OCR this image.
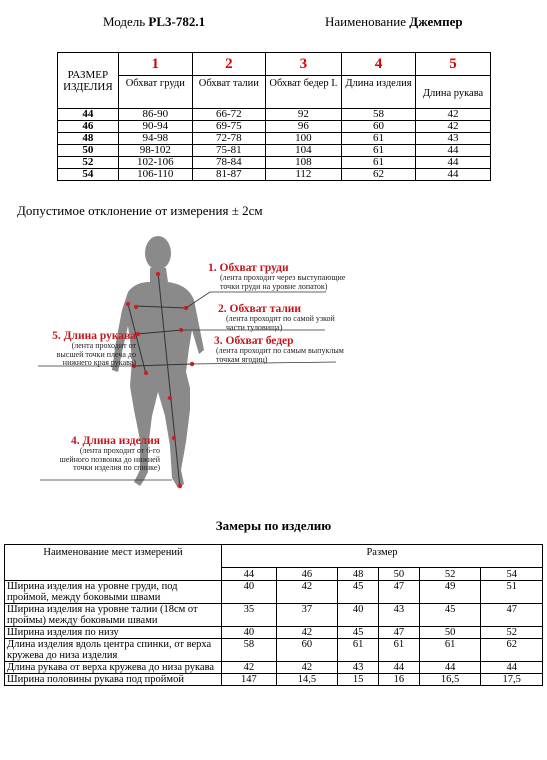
Модель PL3-782.1	Наименование Джемпер
РАЗМЕР ИЗДЕЛИЯ	1	2	3	4	5
	Обхват груди	Обхват талии	Обхват бедер I.	Длина изделия	Длина рукава
44	86-90	66-72	92	58	42
46	90-94	69-75	96	60	42
48	94-98	72-78	100	61	43
50	98-102	75-81	104	61	44
52	102-106	78-84	108	61	44
54	106-110	81-87	112	62	44
Допустимое отклонение от измерения ± 2см
1. Обхват груди
(лента проходит через выступающие
точки груди на уровне лопаток)
2. Обхват талии
(лента проходит по самой узкой
части туловища)
3. Обхват бедер
(лента проходит по самым выпуклым
точкам ягодиц)
5. Длина рукава
(лента проходит от
высшей точки плеча до
нижнего края рукава)
4. Длина изделия
(лента проходит от 6-го
шейного позвонка до нижней
точки изделия по спинке)
Замеры по изделию
Наименование мест измерений	Размер					
	44	46	48	50	52	54
Ширина изделия на уровне груди, под проймой, между боковыми швами	40	42	45	47	49	51
Ширина изделия на уровне талии (18см от проймы) между боковыми швами	35	37	40	43	45	47
Ширина изделия по низу	40	42	45	47	50	52
Длина изделия вдоль центра спинки, от верха кружева до низа изделия	58	60	61	61	61	62
Длина рукава от верха кружева до низа рукава	42	42	43	44	44	44
Ширина половины рукава под проймой	147	14,5	15	16	16,5	17,5
